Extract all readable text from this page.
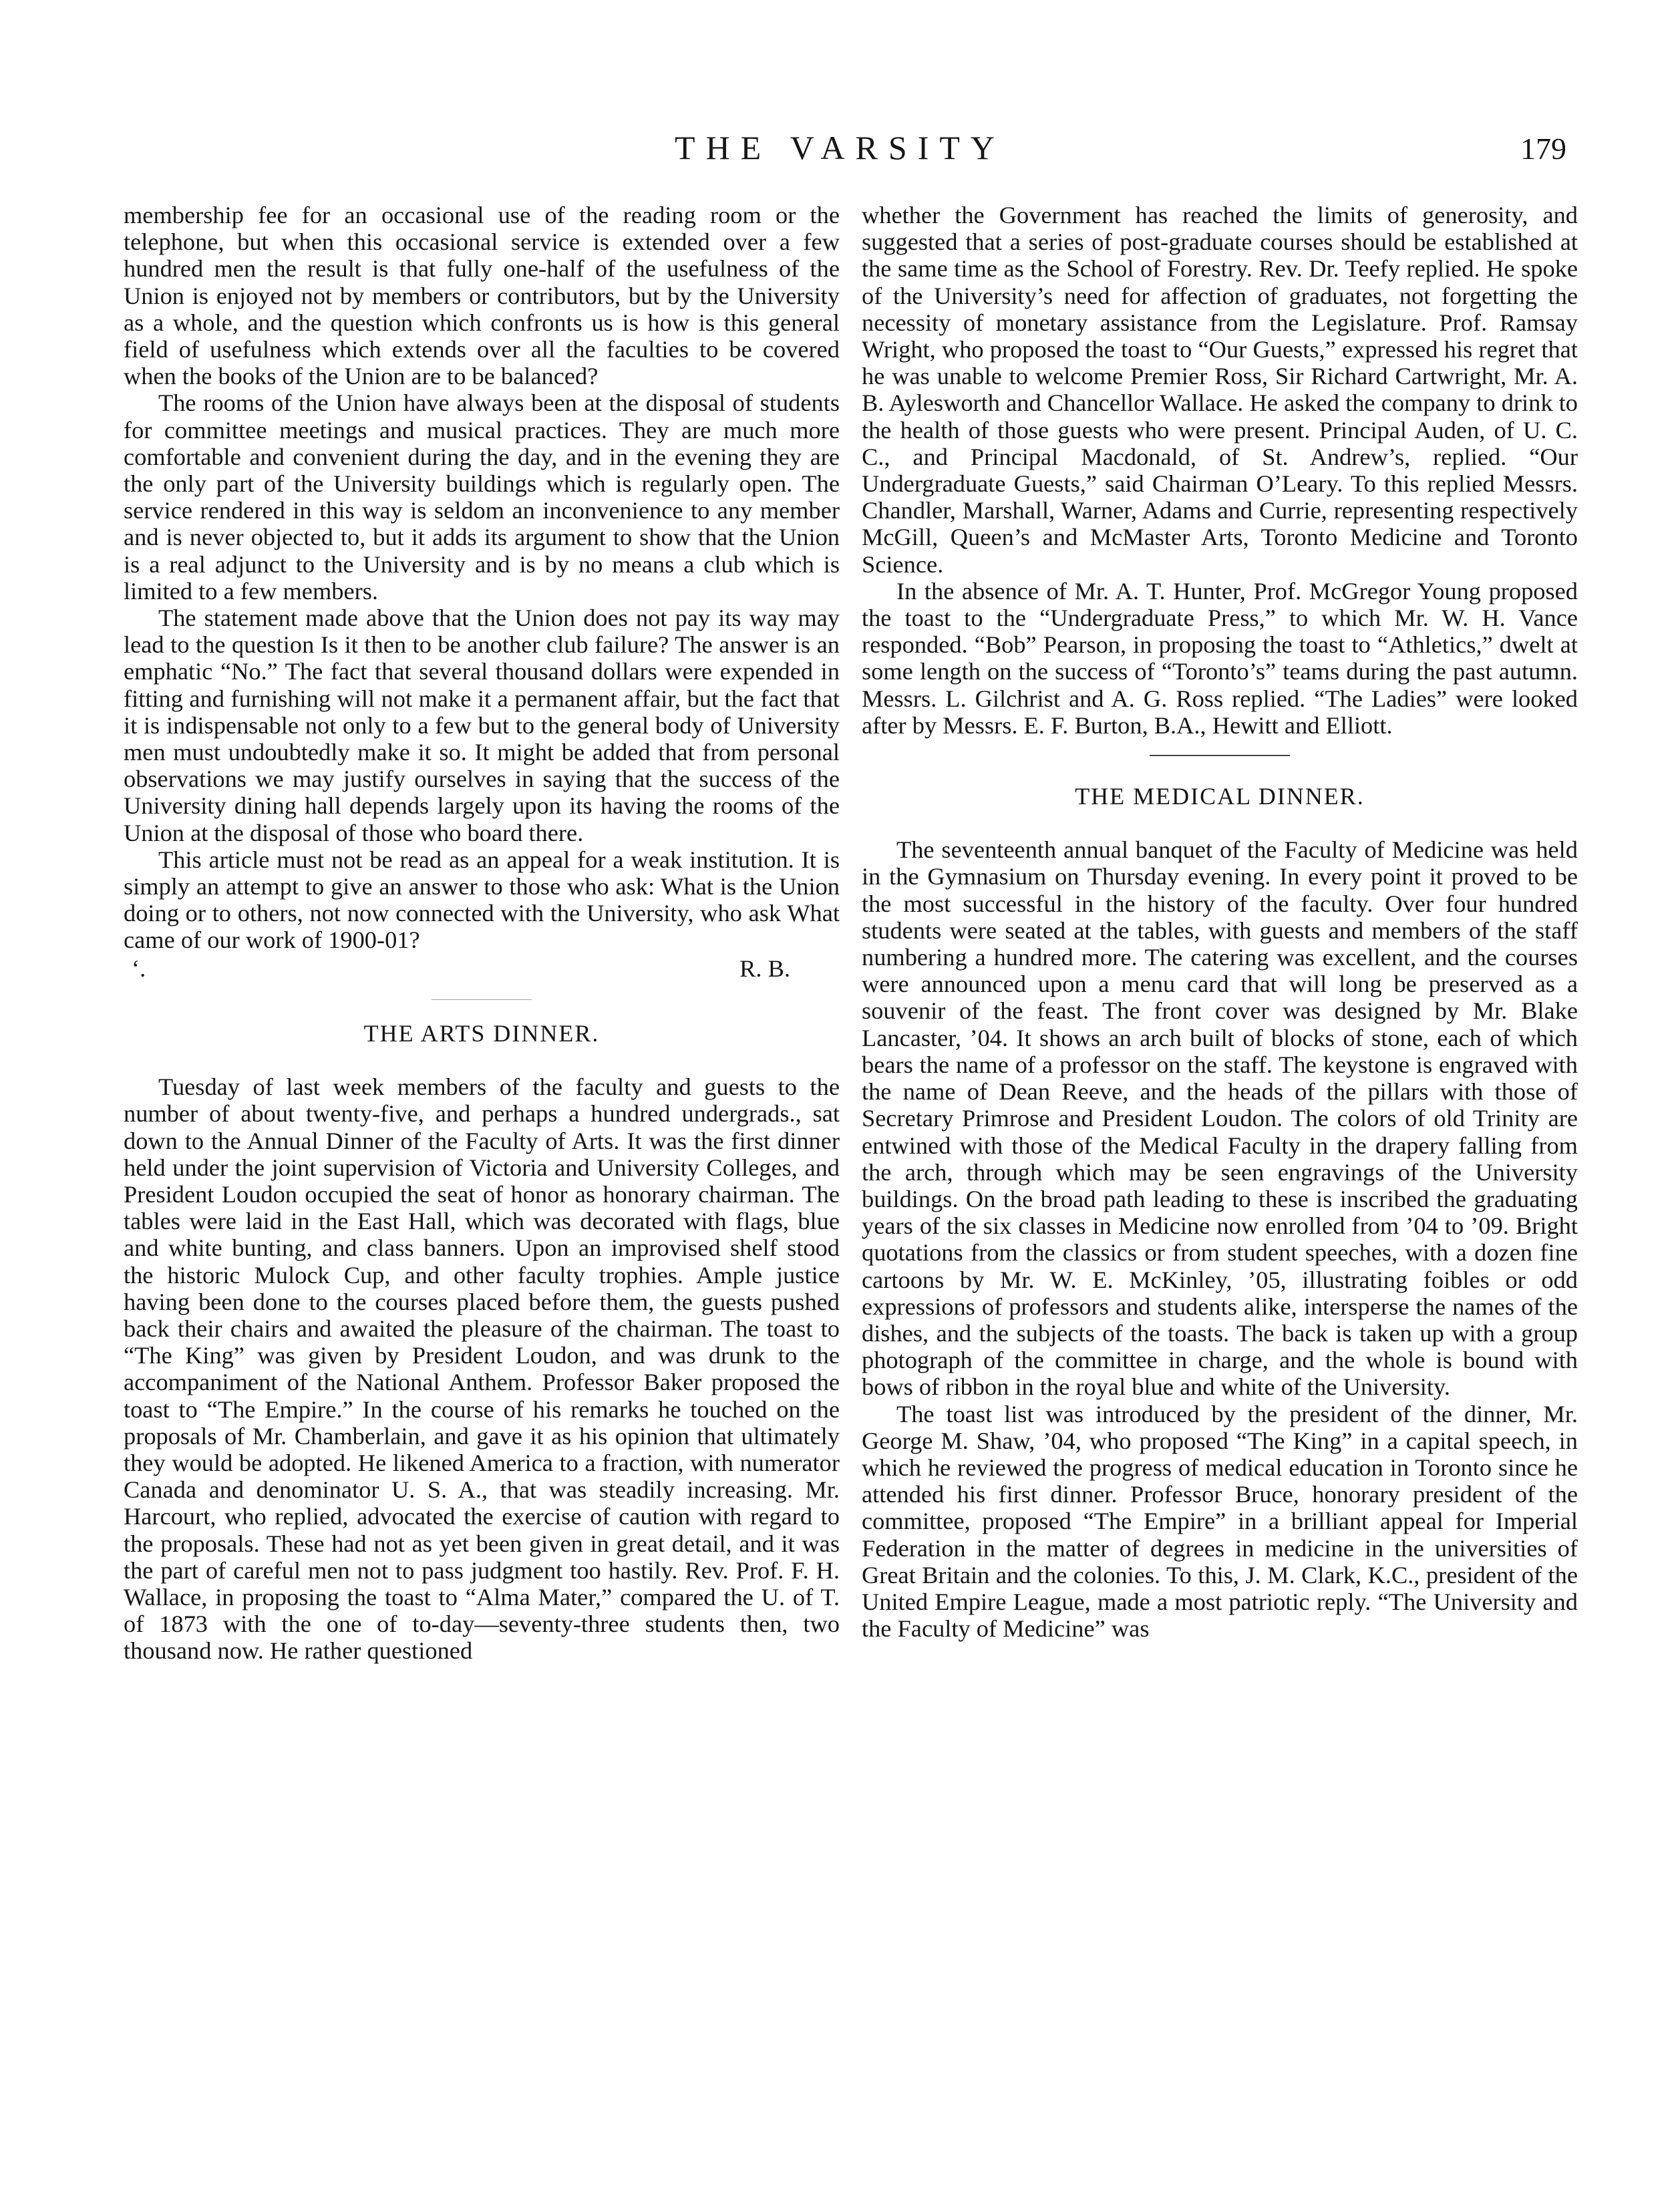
THE VARSITY	179

membership fee for an occasional use of the reading room or the telephone, but when this occasional service is extended over a few hundred men the result is that fully one-half of the usefulness of the Union is enjoyed not by members or contributors, but by the University as a whole, and the question which confronts us is how is this general field of usefulness which extends over all the faculties to be covered when the books of the Union are to be balanced?

The rooms of the Union have always been at the disposal of students for committee meetings and musical practices. They are much more comfortable and convenient during the day, and in the evening they are the only part of the University buildings which is regularly open. The service rendered in this way is seldom an inconvenience to any member and is never objected to, but it adds its argument to show that the Union is a real adjunct to the University and is by no means a club which is limited to a few members.

The statement made above that the Union does not pay its way may lead to the question Is it then to be another club failure? The answer is an emphatic “No.” The fact that several thousand dollars were expended in fitting and furnishing will not make it a permanent affair, but the fact that it is indispensable not only to a few but to the general body of University men must undoubtedly make it so. It might be added that from personal observations we may justify ourselves in saying that the success of the University dining hall depends largely upon its having the rooms of the Union at the disposal of those who board there.

This article must not be read as an appeal for a weak institution. It is simply an attempt to give an answer to those who ask: What is the Union doing or to others, not now connected with the University, who ask What came of our work of 1900-01?

‘.	R. B.
THE ARTS DINNER.

Tuesday of last week members of the faculty and guests to the number of about twenty-five, and perhaps a hundred undergrads., sat down to the Annual Dinner of the Faculty of Arts. It was the first dinner held under the joint supervision of Victoria and University Colleges, and President Loudon occupied the seat of honor as honorary chairman. The tables were laid in the East Hall, which was decorated with flags, blue and white bunting, and class banners. Upon an improvised shelf stood the historic Mulock Cup, and other faculty trophies. Ample justice having been done to the courses placed before them, the guests pushed back their chairs and awaited the pleasure of the chairman. The toast to “The King” was given by President Loudon, and was drunk to the accompaniment of the National Anthem. Professor Baker proposed the toast to “The Empire.” In the course of his remarks he touched on the proposals of Mr. Chamberlain, and gave it as his opinion that ultimately they would be adopted. He likened America to a fraction, with numerator Canada and denominator U. S. A., that was steadily increasing. Mr. Harcourt, who replied, advocated the exercise of caution with regard to the proposals. These had not as yet been given in great detail, and it was the part of careful men not to pass judgment too hastily. Rev. Prof. F. H. Wallace, in proposing the toast to “Alma Mater,” compared the U. of T. of 1873 with the one of to-day—seventy-three students then, two thousand now. He rather questioned

whether the Government has reached the limits of generosity, and suggested that a series of post-graduate courses should be established at the same time as the School of Forestry. Rev. Dr. Teefy replied. He spoke of the University’s need for affection of graduates, not forgetting the necessity of monetary assistance from the Legislature. Prof. Ramsay Wright, who proposed the toast to “Our Guests,” expressed his regret that he was unable to welcome Premier Ross, Sir Richard Cartwright, Mr. A. B. Aylesworth and Chancellor Wallace. He asked the company to drink to the health of those guests who were present. Principal Auden, of U. C. C., and Principal Macdonald, of St. Andrew’s, replied. “Our Undergraduate Guests,” said Chairman O’Leary. To this replied Messrs. Chandler, Marshall, Warner, Adams and Currie, representing respectively McGill, Queen’s and McMaster Arts, Toronto Medicine and Toronto Science.

In the absence of Mr. A. T. Hunter, Prof. McGregor Young proposed the toast to the “Undergraduate Press,” to which Mr. W. H. Vance responded. “Bob” Pearson, in proposing the toast to “Athletics,” dwelt at some length on the success of “Toronto’s” teams during the past autumn. Messrs. L. Gilchrist and A. G. Ross replied. “The Ladies” were looked after by Messrs. E. F. Burton, B.A., Hewitt and Elliott.

THE MEDICAL DINNER.

The seventeenth annual banquet of the Faculty of Medicine was held in the Gymnasium on Thursday evening. In every point it proved to be the most successful in the history of the faculty. Over four hundred students were seated at the tables, with guests and members of the staff numbering a hundred more. The catering was excellent, and the courses were announced upon a menu card that will long be preserved as a souvenir of the feast. The front cover was designed by Mr. Blake Lancaster, ’04. It shows an arch built of blocks of stone, each of which bears the name of a professor on the staff. The keystone is engraved with the name of Dean Reeve, and the heads of the pillars with those of Secretary Primrose and President Loudon. The colors of old Trinity are entwined with those of the Medical Faculty in the drapery falling from the arch, through which may be seen engravings of the University buildings. On the broad path leading to these is inscribed the graduating years of the six classes in Medicine now enrolled from ’04 to ’09. Bright quotations from the classics or from student speeches, with a dozen fine cartoons by Mr. W. E. McKinley, ’05, illustrating foibles or odd expressions of professors and students alike, intersperse the names of the dishes, and the subjects of the toasts. The back is taken up with a group photograph of the committee in charge, and the whole is bound with bows of ribbon in the royal blue and white of the University.

The toast list was introduced by the president of the dinner, Mr. George M. Shaw, ’04, who proposed “The King” in a capital speech, in which he reviewed the progress of medical education in Toronto since he attended his first dinner. Professor Bruce, honorary president of the committee, proposed “The Empire” in a brilliant appeal for Imperial Federation in the matter of degrees in medicine in the universities of Great Britain and the colonies. To this, J. M. Clark, K.C., president of the United Empire League, made a most patriotic reply. “The University and the Faculty of Medicine” was
